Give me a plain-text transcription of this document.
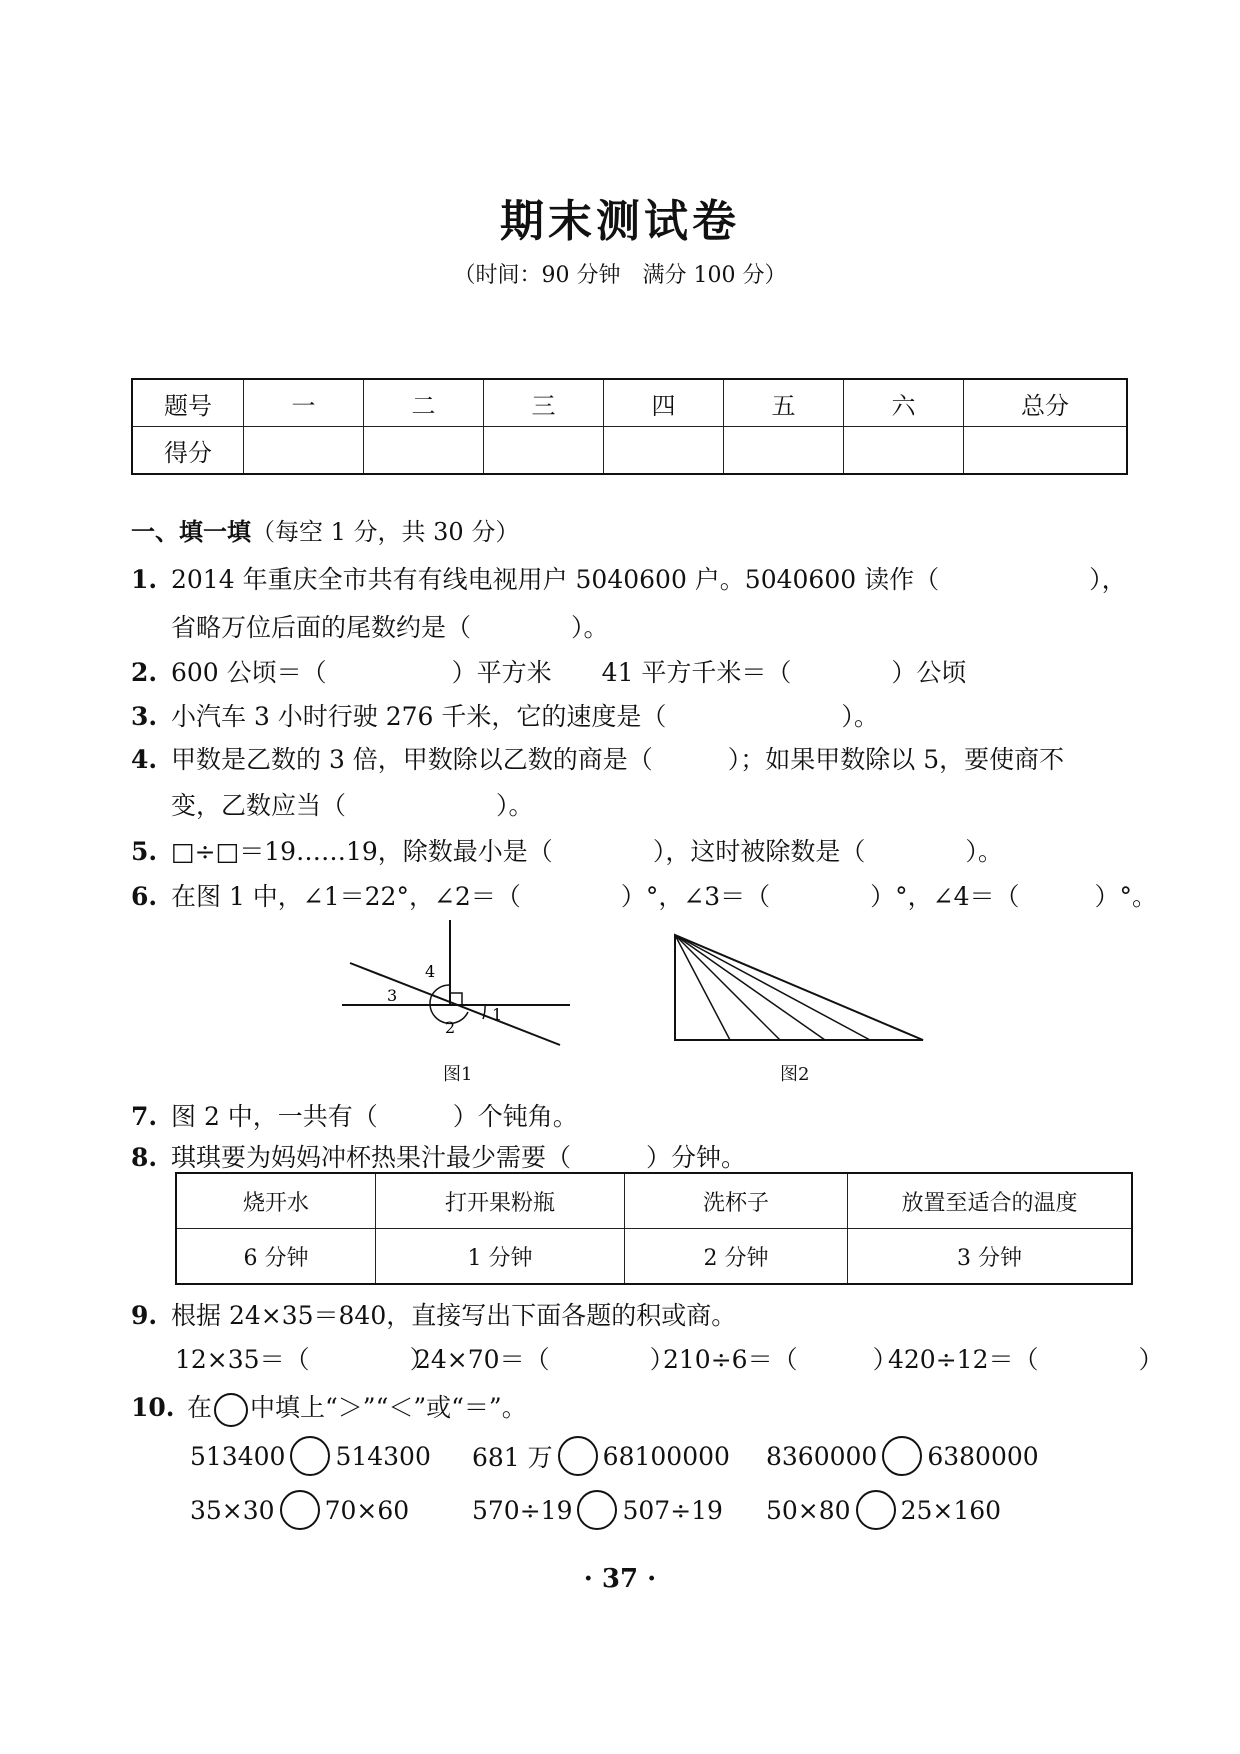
期末测试卷
（时间：90 分钟　满分 100 分）
题号	一	二	三	四	五	六	总分
得分							
一、填一填（每空 1 分，共 30 分）
1. 2014 年重庆全市共有有线电视用户 5040600 户。5040600 读作（　　　　　　），
省略万位后面的尾数约是（　　　　）。
2. 600 公顷＝（　　　　　）平方米　　41 平方千米＝（　　　　）公顷
3. 小汽车 3 小时行驶 276 千米，它的速度是（　　　　　　　）。
4. 甲数是乙数的 3 倍，甲数除以乙数的商是（　　　）；如果甲数除以 5，要使商不
变，乙数应当（　　　　　　）。
5. □÷□＝19……19，除数最小是（　　　　），这时被除数是（　　　　）。
6. 在图 1 中，∠1＝22°，∠2＝（　　　　）°，∠3＝（　　　　）°，∠4＝（　　　）°。
1
2
3
4
图1	图2
7. 图 2 中，一共有（　　　）个钝角。
8. 琪琪要为妈妈冲杯热果汁最少需要（　　　）分钟。
烧开水	打开果粉瓶	洗杯子	放置至适合的温度
6 分钟	1 分钟	2 分钟	3 分钟
9. 根据 24×35＝840，直接写出下面各题的积或商。
12×35＝（　　　　）
24×70＝（　　　　）
210÷6＝（　　　）
420÷12＝（　　　　）
10. 在 中填上“＞”“＜”或“＝”。
513400 514300 681 万 68100000 8360000 6380000
35×30 70×60	570÷19 507÷19 50×80 25×160
· 37 ·
